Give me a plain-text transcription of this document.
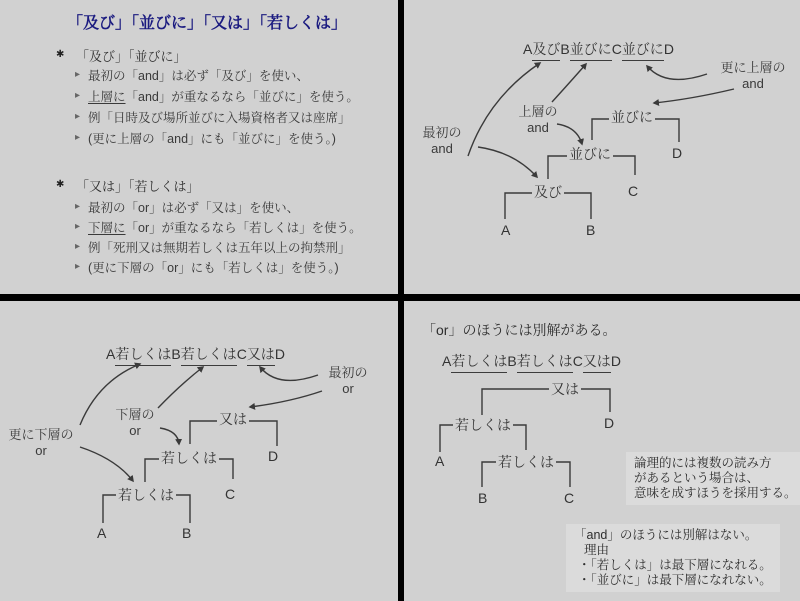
「及び」「並びに」「又は」「若しくは」
✱ 「及び」「並びに」
▸ 最初の「and」は必ず「及び」を使い、
▸ 上層に「and」が重なるなら「並びに」を使う。
▸ 例「日時及び場所並びに入場資格者又は座席」
▸ (更に上層の「and」にも「並びに」を使う。)
✱ 「又は」「若しくは」
▸ 最初の「or」は必ず「又は」を使い、
▸ 下層に「or」が重なるなら「若しくは」を使う。
▸ 例「死刑又は無期若しくは五年以上の拘禁刑」
▸ (更に下層の「or」にも「若しくは」を使う。)
A及びB並びにC並びにD
並びに
D
並びに
C
及び
A	B
最初の
and
上層の
and
更に上層の
and
A若しくはB若しくはC又はD
又は
D
若しくは
C
若しくは
A	B
最初の
or
下層の
or
更に下層の
or
「or」のほうには別解がある。
A若しくはB若しくはC又はD
又は
D
若しくは
A	若しくは
B	C
論理的には複数の読み方
があるという場合は、
意味を成すほうを採用する。
「and」のほうには別解はない。
理由
・「若しくは」は最下層になれる。
・「並びに」は最下層になれない。
